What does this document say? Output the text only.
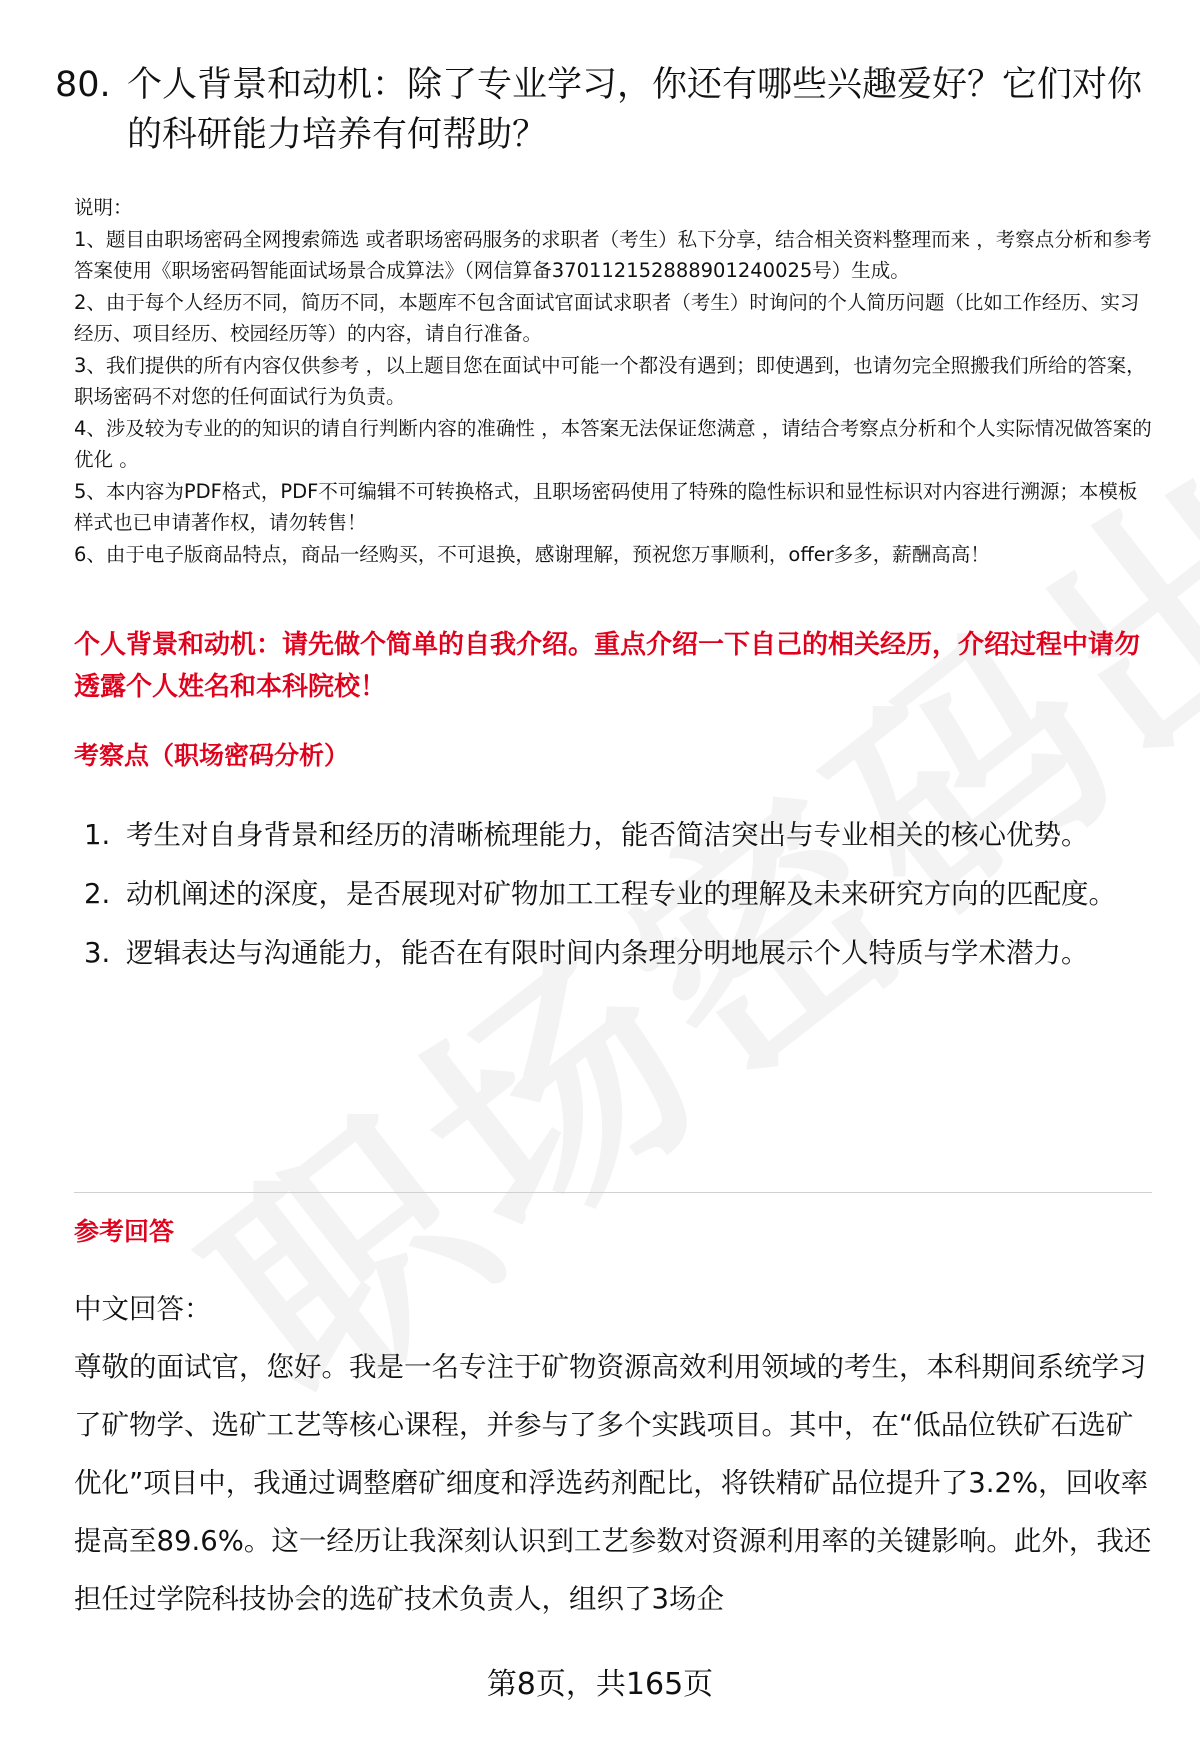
80. 个人背景和动机：除了专业学习，你还有哪些兴趣爱好？它们对你的科研能力培养有何帮助？

说明：

1、题目由职场密码全网搜索筛选 或者职场密码服务的求职者（考生）私下分享，结合相关资料整理而来 ，考察点分析和参考答案使用《职场密码智能面试场景合成算法》（网信算备370112152888901240025号）生成。

2、由于每个人经历不同，简历不同，本题库不包含面试官面试求职者（考生）时询问的个人简历问题（比如工作经历、实习经历、项目经历、校园经历等）的内容，请自行准备。

3、我们提供的所有内容仅供参考 ，以上题目您在面试中可能一个都没有遇到；即使遇到，也请勿完全照搬我们所给的答案，职场密码不对您的任何面试行为负责。

4、涉及较为专业的的知识的请自行判断内容的准确性 ，本答案无法保证您满意 ，请结合考察点分析和个人实际情况做答案的优化 。

5、本内容为PDF格式，PDF不可编辑不可转换格式，且职场密码使用了特殊的隐性标识和显性标识对内容进行溯源；本模板样式也已申请著作权，请勿转售！

6、由于电子版商品特点，商品一经购买，不可退换，感谢理解，预祝您万事顺利，offer多多，薪酬高高！

个人背景和动机：请先做个简单的自我介绍。重点介绍一下自己的相关经历，介绍过程中请勿透露个人姓名和本科院校！
考察点（职场密码分析）
1. 考生对自身背景和经历的清晰梳理能力，能否简洁突出与专业相关的核心优势。
2. 动机阐述的深度，是否展现对矿物加工工程专业的理解及未来研究方向的匹配度。
3. 逻辑表达与沟通能力，能否在有限时间内条理分明地展示个人特质与学术潜力。
参考回答

中文回答：

尊敬的面试官，您好。我是一名专注于矿物资源高效利用领域的考生，本科期间系统学习了矿物学、选矿工艺等核心课程，并参与了多个实践项目。其中，在“低品位铁矿石选矿优化”项目中，我通过调整磨矿细度和浮选药剂配比，将铁精矿品位提升了3.2%，回收率提高至89.6%。这一经历让我深刻认识到工艺参数对资源利用率的关键影响。此外，我还担任过学院科技协会的选矿技术负责人，组织了3场企

第8页，共165页
